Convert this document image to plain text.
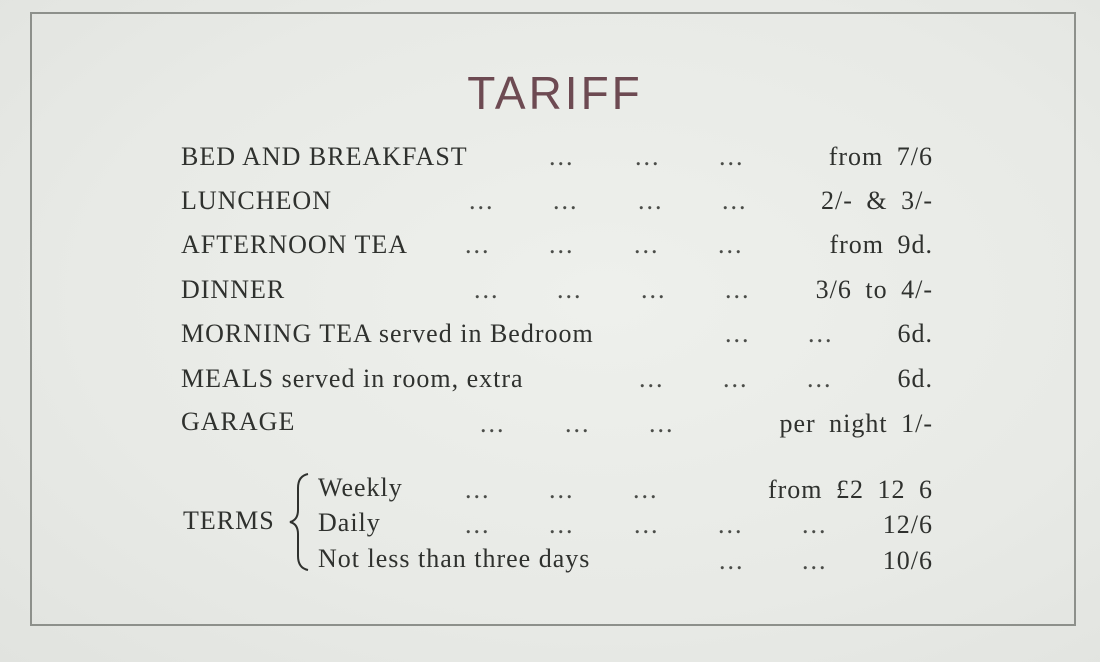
TARIFF
BED AND BREAKFAST	... ... ...	from 7/6
LUNCHEON	... ... ... ...	2/- & 3/-
AFTERNOON TEA ... ... ... ...	from 9d.
DINNER	... ... ... ...	3/6 to 4/-
MORNING TEA served in Bedroom	... ... 6d.
MEALS served in room, extra	... ... ...	6d.
GARAGE	... ... ...	per night 1/-
TERMS
Weekly ... ... ...	from £2 12 6
Daily	... ... ... ... ... 12/6
Not less than three days	... ... 10/6
